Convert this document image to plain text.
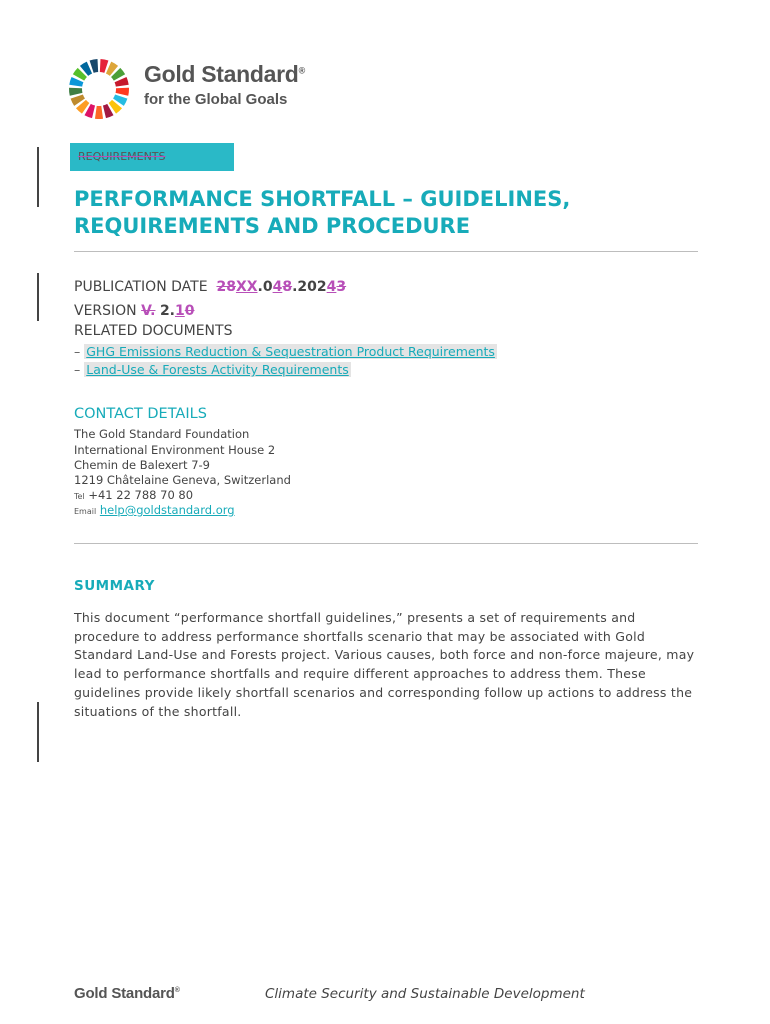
Gold Standard®
for the Global Goals
REQUIREMENTS
PERFORMANCE SHORTFALL – GUIDELINES, REQUIREMENTS AND PROCEDURE
PUBLICATION DATE 28XX.048.20243
VERSION V. 2.10
RELATED DOCUMENTS
– GHG Emissions Reduction & Sequestration Product Requirements
– Land-Use & Forests Activity Requirements
CONTACT DETAILS
The Gold Standard Foundation
International Environment House 2
Chemin de Balexert 7-9
1219 Châtelaine Geneva, Switzerland
Tel +41 22 788 70 80
Email help@goldstandard.org
SUMMARY

This document “performance shortfall guidelines,” presents a set of requirements and procedure to address performance shortfalls scenario that may be associated with Gold Standard Land-Use and Forests project. Various causes, both force and non-force majeure, may lead to performance shortfalls and require different approaches to address them. These guidelines provide likely shortfall scenarios and corresponding follow up actions to address the situations of the shortfall.

Gold Standard®	Climate Security and Sustainable Development
